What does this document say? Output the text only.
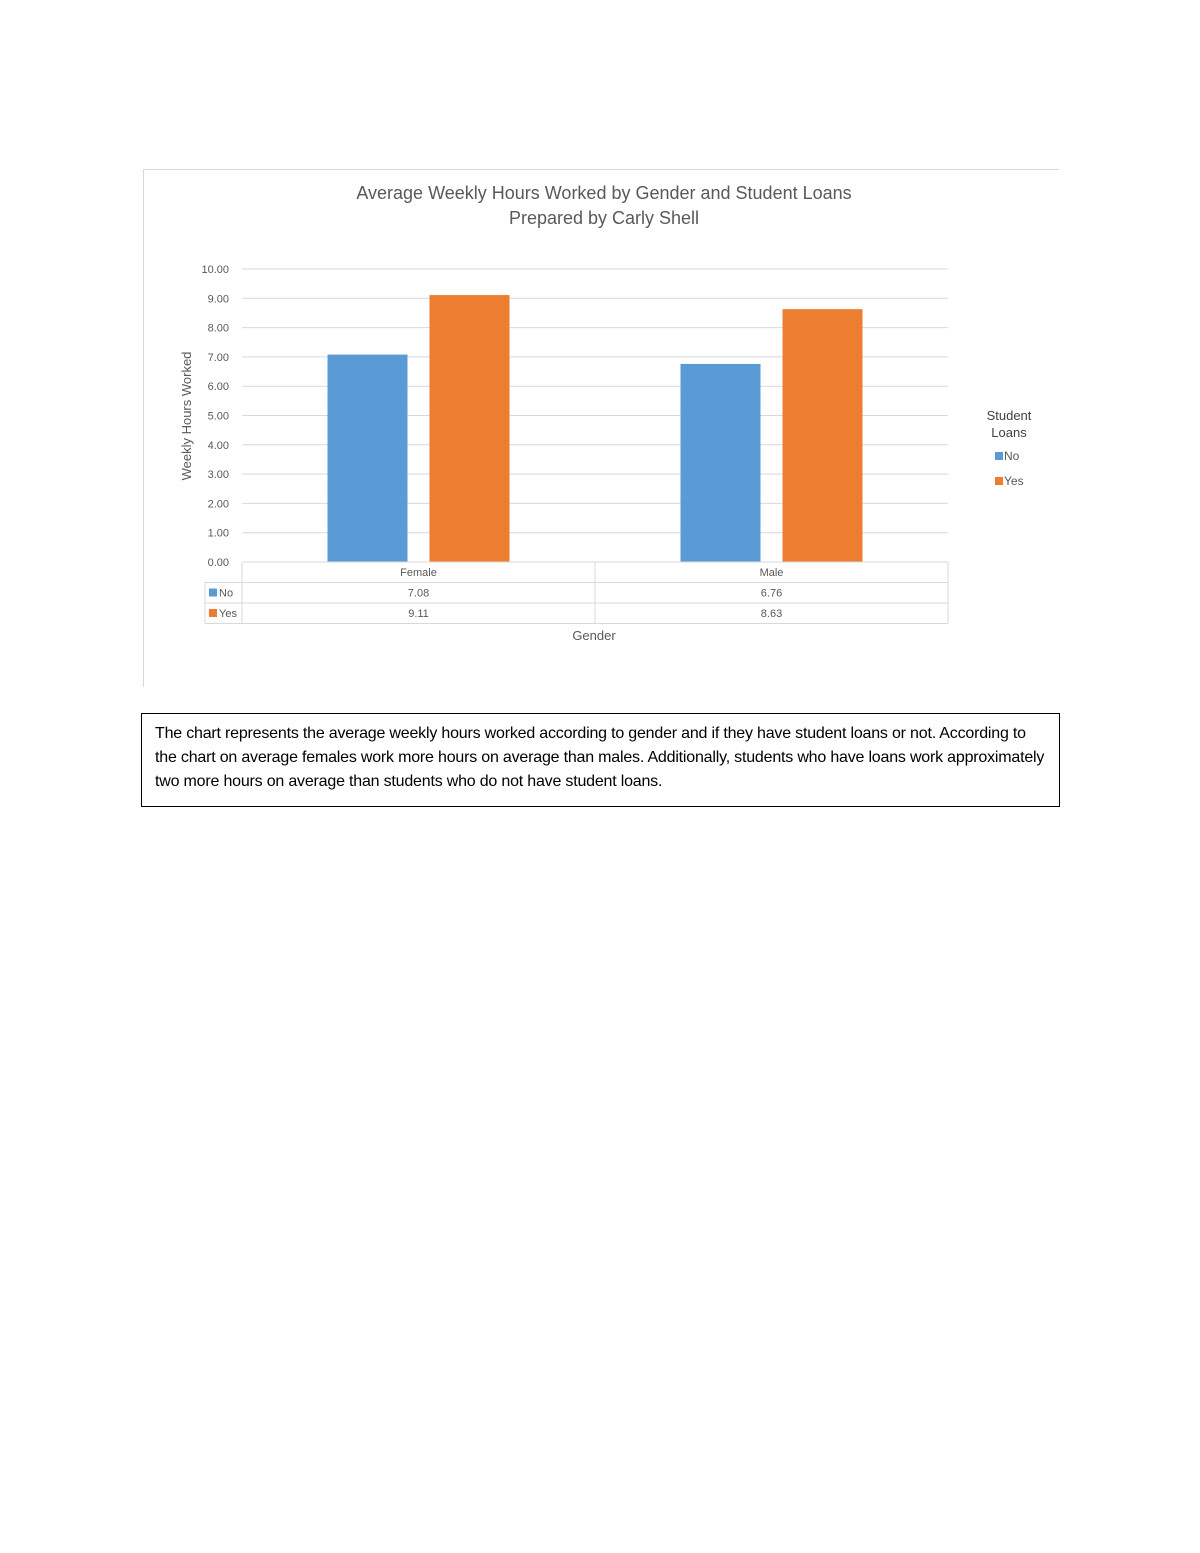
Average Weekly Hours Worked by Gender and Student Loans
Prepared by Carly Shell
0.00
1.00
2.00
3.00
4.00
5.00
6.00
7.00
8.00
9.00
10.00
Weekly Hours Worked
Female	Male
No	7.08	6.76
Yes	9.11	8.63
Gender
Student
Loans
No
Yes
The chart represents the average weekly hours worked according to gender and if they have student loans or not. According to the chart on average females work more hours on average than males. Additionally, students who have loans work approximately two more hours on average than students who do not have student loans.
